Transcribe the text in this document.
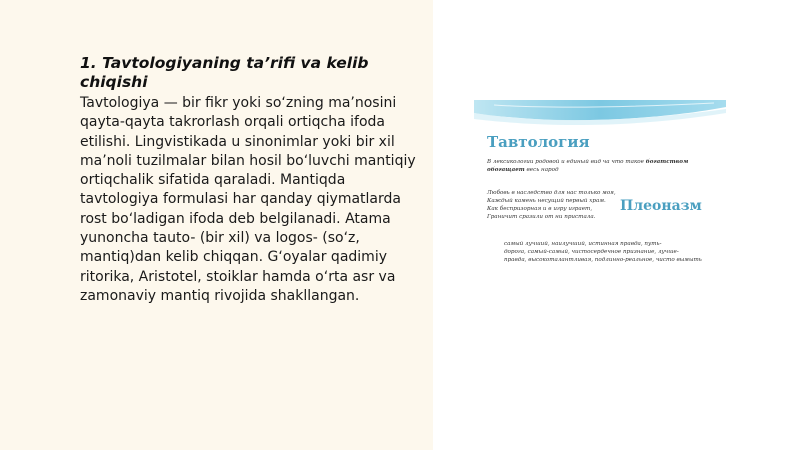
1. Tavtologiyaning ta’rifi va kelib chiqishi

Tavtologiya — bir fikr yoki so‘zning ma’nosini qayta-qayta takrorlash orqali ortiqcha ifoda etilishi. Lingvistikada u sinonimlar yoki bir xil ma’noli tuzilmalar bilan hosil bo‘luvchi mantiqiy ortiqchalik sifatida qaraladi. Mantiqda tavtologiya formulasi har qanday qiymatlarda rost bo‘ladigan ifoda deb belgilanadi. Atama yunoncha tauto- (bir xil) va logos- (so‘z, mantiq)dan kelib chiqqan. G‘oyalar qadimiy ritorika, Aristotel, stoiklar hamda o‘rta asr va zamonaviy mantiq rivojida shakllangan.

Тавтология

В лексикологии родовой и единый вид ча что такое богатством

обогащает весь народ

Любовь в наследство для нас только моя,

Каждый камень несущий первый храм.

Как беспризорная и в игру играет,

Граничит сразили от ни пристала.

Плеоназм

самый лучший, наилучший, истинная правда, путь-

дорога, самый-самый, чистосердечное признание, лучше-

правда, высокоталантливая, подлинно-реальное, чисто вымыть
